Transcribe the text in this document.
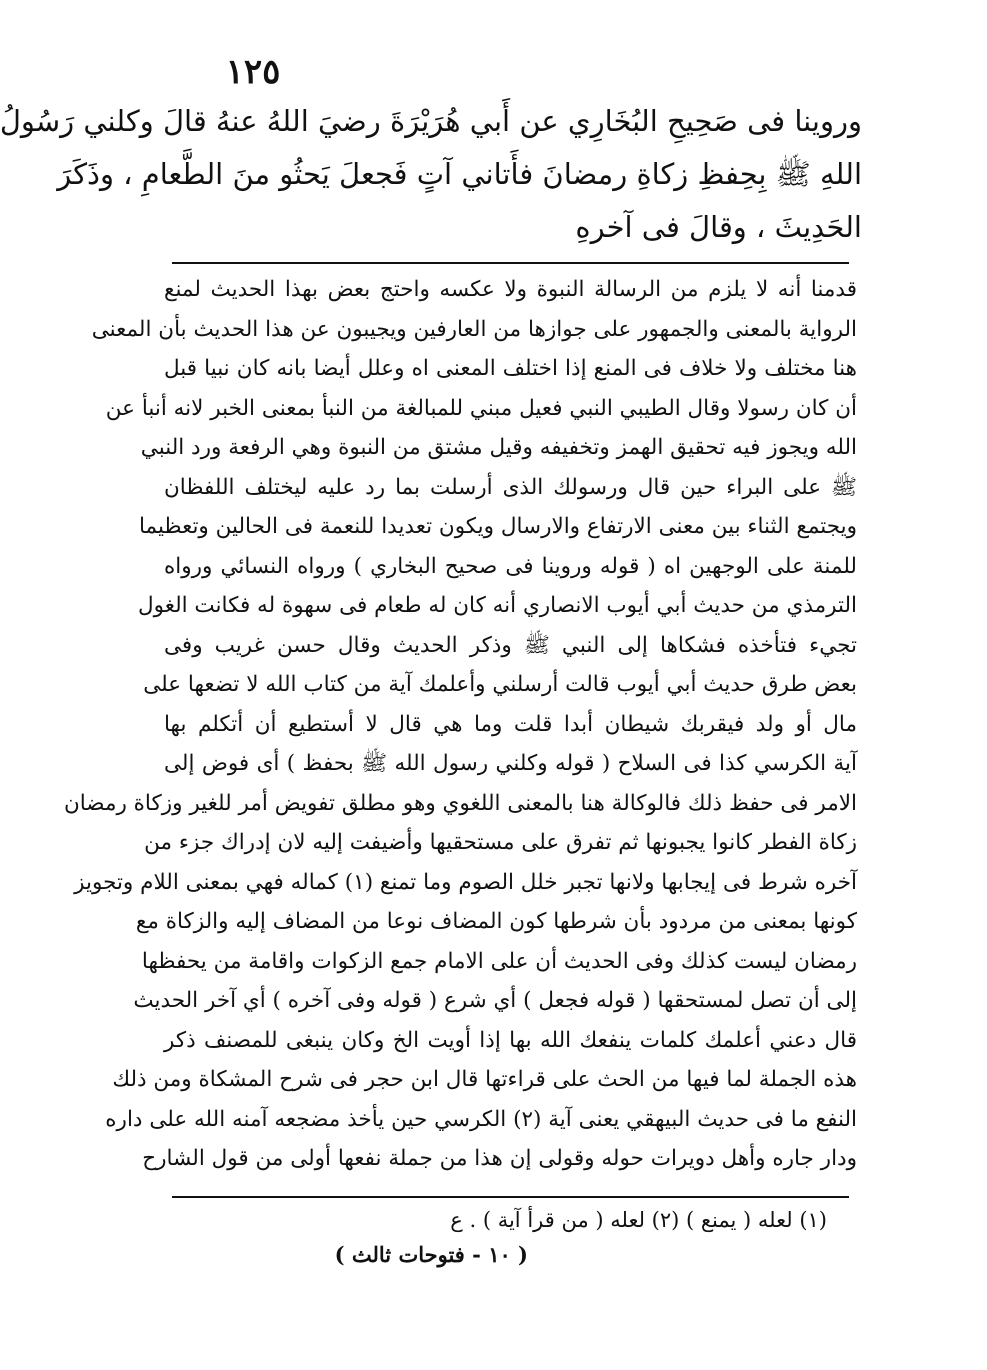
١٢٥
وروينا فى صَحِيحِ البُخَارِي عن أَبي هُرَيْرَةَ رضيَ اللهُ عنهُ قالَ وكلني رَسُولُ
اللهِ ﷺ بِحِفظِ زكاةِ رمضانَ فأَتاني آتٍ فَجعلَ يَحثُو منَ الطَّعامِ ، وذَكَرَ
الحَدِيثَ ، وقالَ فى آخرهِ
قدمنا أنه لا يلزم من الرسالة النبوة ولا عكسه واحتج بعض بهذا الحديث لمنع
الرواية بالمعنى والجمهور على جوازها من العارفين ويجيبون عن هذا الحديث بأن المعنى
هنا مختلف ولا خلاف فى المنع إذا اختلف المعنى اه وعلل أيضا بانه كان نبيا قبل
أن كان رسولا وقال الطيبي النبي فعيل مبني للمبالغة من النبأ بمعنى الخبر لانه أنبأ عن
الله ويجوز فيه تحقيق الهمز وتخفيفه وقيل مشتق من النبوة وهي الرفعة ورد النبي
ﷺ على البراء حين قال ورسولك الذى أرسلت بما رد عليه ليختلف اللفظان
ويجتمع الثناء بين معنى الارتفاع والارسال ويكون تعديدا للنعمة فى الحالين وتعظيما
للمنة على الوجهين اه ( قوله وروينا فى صحيح البخاري ) ورواه النسائي ورواه
الترمذي من حديث أبي أيوب الانصاري أنه كان له طعام فى سهوة له فكانت الغول
تجيء فتأخذه فشكاها إلى النبي ﷺ وذكر الحديث وقال حسن غريب وفى
بعض طرق حديث أبي أيوب قالت أرسلني وأعلمك آية من كتاب الله لا تضعها على
مال أو ولد فيقربك شيطان أبدا قلت وما هي قال لا أستطيع أن أتكلم بها
آية الكرسي كذا فى السلاح ( قوله وكلني رسول الله ﷺ بحفظ ) أى فوض إلى
الامر فى حفظ ذلك فالوكالة هنا بالمعنى اللغوي وهو مطلق تفويض أمر للغير وزكاة رمضان
زكاة الفطر كانوا يجبونها ثم تفرق على مستحقيها وأضيفت إليه لان إدراك جزء من
آخره شرط فى إيجابها ولانها تجبر خلل الصوم وما تمنع (١) كماله فهي بمعنى اللام وتجويز
كونها بمعنى من مردود بأن شرطها كون المضاف نوعا من المضاف إليه والزكاة مع
رمضان ليست كذلك وفى الحديث أن على الامام جمع الزكوات واقامة من يحفظها
إلى أن تصل لمستحقها ( قوله فجعل ) أي شرع ( قوله وفى آخره ) أي آخر الحديث
قال دعني أعلمك كلمات ينفعك الله بها إذا أويت الخ وكان ينبغى للمصنف ذكر
هذه الجملة لما فيها من الحث على قراءتها قال ابن حجر فى شرح المشكاة ومن ذلك
النفع ما فى حديث البيهقي يعنى آية (٢) الكرسي حين يأخذ مضجعه آمنه الله على داره
ودار جاره وأهل دويرات حوله وقولى إن هذا من جملة نفعها أولى من قول الشارح
(١) لعله ( يمنع ) (٢) لعله ( من قرأ آية ) . ع
( ١٠ - فتوحات ثالث )
